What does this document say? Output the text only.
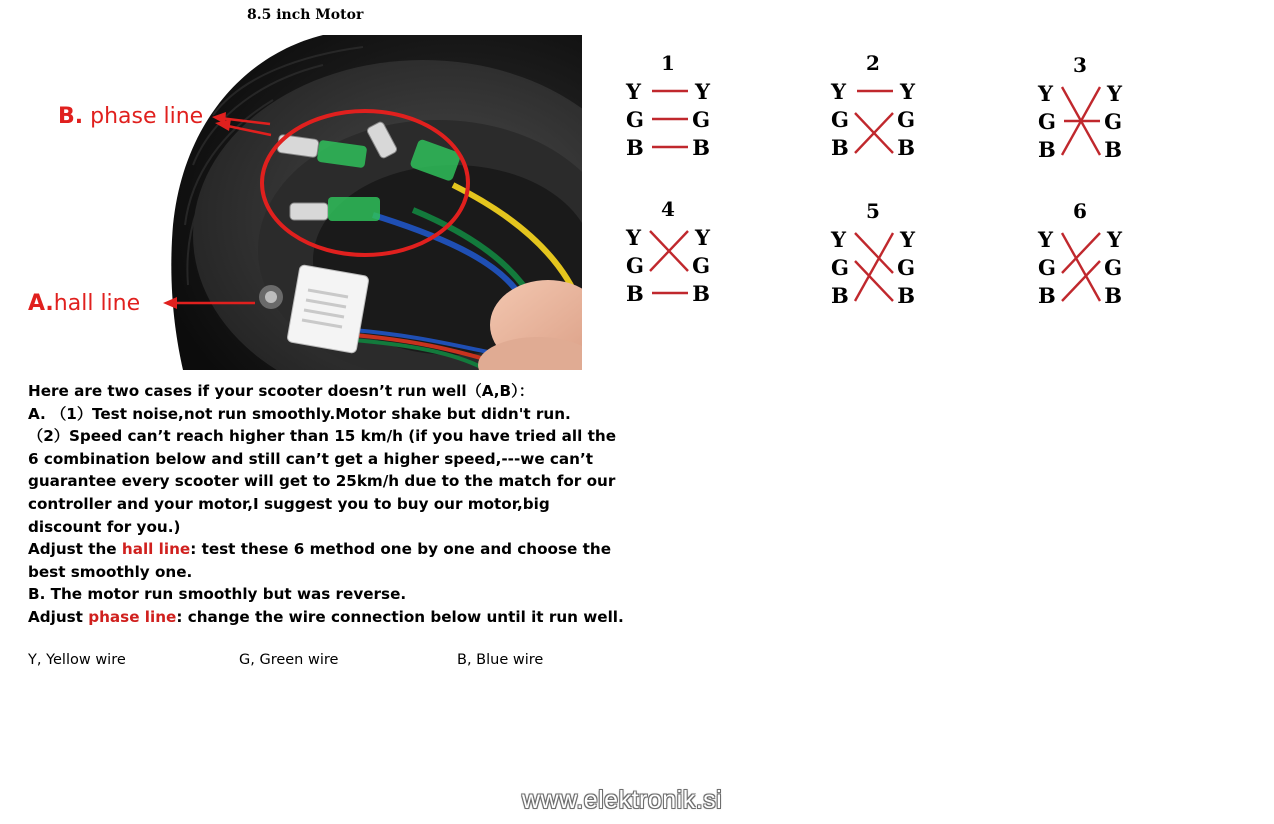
8.5 inch Motor
B. phase line
A.hall line
Here are two cases if your scooter doesn’t run well（A,B）：
A. （1）Test noise,not run smoothly.Motor shake but didn't run.
（2）Speed can’t reach higher than 15 km/h (if you have tried all the
6 combination below and still can’t get a higher speed,---we can’t
guarantee every scooter will get to 25km/h due to the match for our
controller and your motor,I suggest you to buy our motor,big
discount for you.)
Adjust the hall line: test these 6 method one by one and choose the
best smoothly one.
B. The motor run smoothly but was reverse.
Adjust phase line: change the wire connection below until it run well.
Y, Yellow wire	G, Green wire	B, Blue wire
1
Y	Y
G G
B B
2
Y	Y
G G
B B
3
Y	Y
G G
B B
4
Y	Y
G G
B B
5
Y	Y
G G
B B
6
Y	Y
G G
B B
www.elektronik.si
